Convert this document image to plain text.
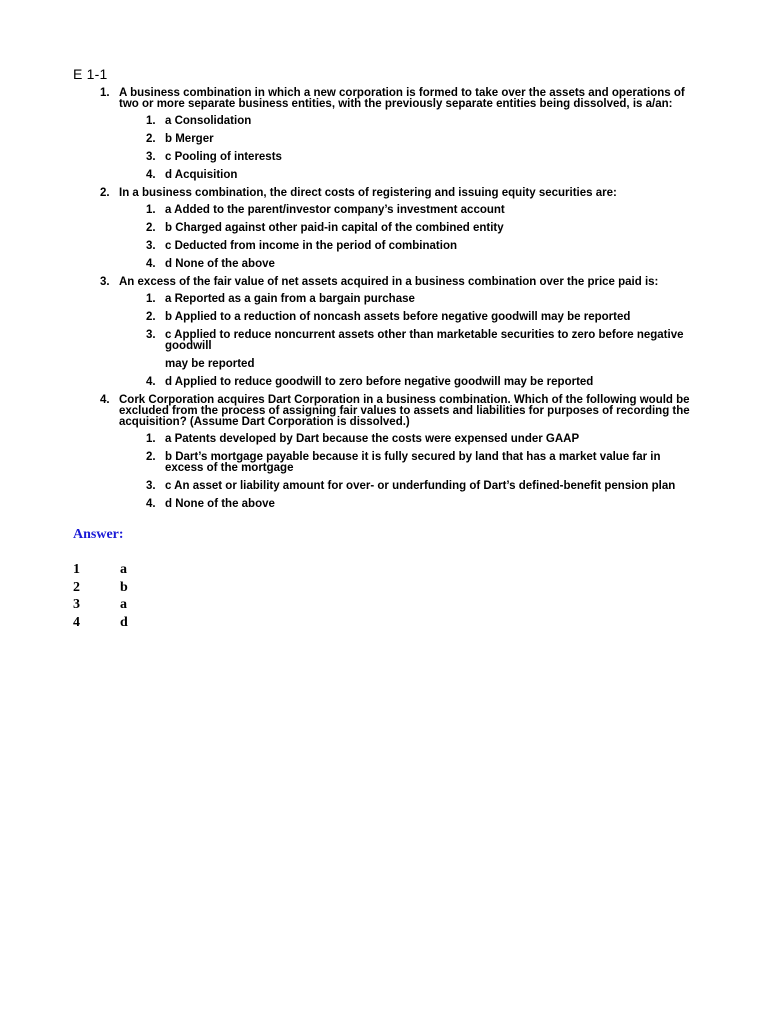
E 1-1
1. A business combination in which a new corporation is formed to take over the assets and operations of two or more separate business entities, with the previously separate entities being dissolved, is a/an:
1. a Consolidation
2. b Merger
3. c Pooling of interests
4. d Acquisition
2. In a business combination, the direct costs of registering and issuing equity securities are:
1. a Added to the parent/investor company’s investment account
2. b Charged against other paid-in capital of the combined entity
3. c Deducted from income in the period of combination
4. d None of the above
3. An excess of the fair value of net assets acquired in a business combination over the price paid is:
1. a Reported as a gain from a bargain purchase
2. b Applied to a reduction of noncash assets before negative goodwill may be reported
3. c Applied to reduce noncurrent assets other than marketable securities to zero before negative goodwill
may be reported
4. d Applied to reduce goodwill to zero before negative goodwill may be reported
4. Cork Corporation acquires Dart Corporation in a business combination. Which of the following would be excluded from the process of assigning fair values to assets and liabilities for purposes of recording the acquisition? (Assume Dart Corporation is dissolved.)
1. a Patents developed by Dart because the costs were expensed under GAAP
2. b Dart’s mortgage payable because it is fully secured by land that has a market value far in excess of the mortgage
3. c An asset or liability amount for over- or underfunding of Dart’s defined-benefit pension plan
4. d None of the above
Answer:
1	a
2	b
3	a
4	d
